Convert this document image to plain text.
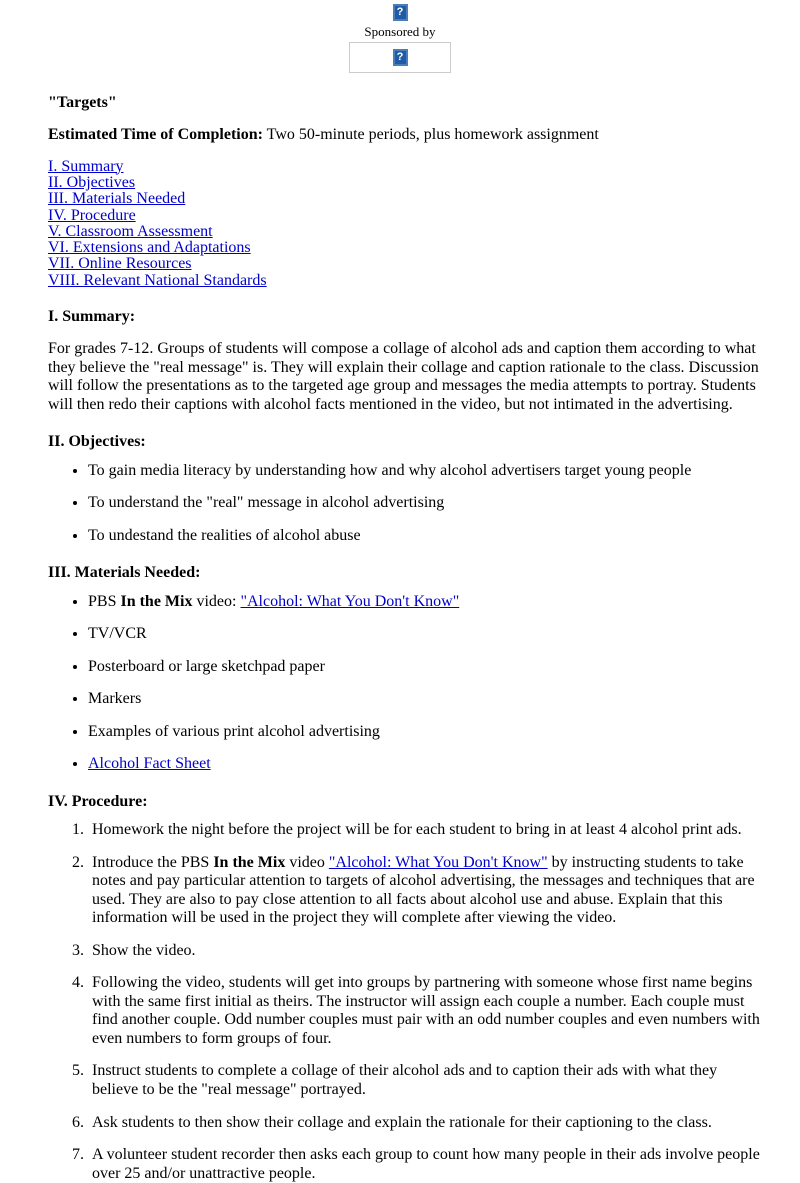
?
Sponsored by
?
"Targets"

Estimated Time of Completion: Two 50-minute periods, plus homework assignment

I. Summary
II. Objectives
III. Materials Needed
IV. Procedure
V. Classroom Assessment
VI. Extensions and Adaptations
VII. Online Resources
VIII. Relevant National Standards
I. Summary:

For grades 7-12. Groups of students will compose a collage of alcohol ads and caption them according to what they believe the "real message" is. They will explain their collage and caption rationale to the class. Discussion will follow the presentations as to the targeted age group and messages the media attempts to portray. Students will then redo their captions with alcohol facts mentioned in the video, but not intimated in the advertising.

II. Objectives:
• To gain media literacy by understanding how and why alcohol advertisers target young people
• To understand the "real" message in alcohol advertising
• To undestand the realities of alcohol abuse
III. Materials Needed:
• PBS In the Mix video: "Alcohol: What You Don't Know"
• TV/VCR
• Posterboard or large sketchpad paper
• Markers
• Examples of various print alcohol advertising
• Alcohol Fact Sheet
IV. Procedure:
1. Homework the night before the project will be for each student to bring in at least 4 alcohol print ads.
2. Introduce the PBS In the Mix video "Alcohol: What You Don't Know" by instructing students to take notes and pay particular attention to targets of alcohol advertising, the messages and techniques that are used. They are also to pay close attention to all facts about alcohol use and abuse. Explain that this information will be used in the project they will complete after viewing the video.
3. Show the video.
4. Following the video, students will get into groups by partnering with someone whose first name begins with the same first initial as theirs. The instructor will assign each couple a number. Each couple must find another couple. Odd number couples must pair with an odd number couples and even numbers with even numbers to form groups of four.
5. Instruct students to complete a collage of their alcohol ads and to caption their ads with what they believe to be the "real message" portrayed.
6. Ask students to then show their collage and explain the rationale for their captioning to the class.
7. A volunteer student recorder then asks each group to count how many people in their ads involve people over 25 and/or unattractive people.
